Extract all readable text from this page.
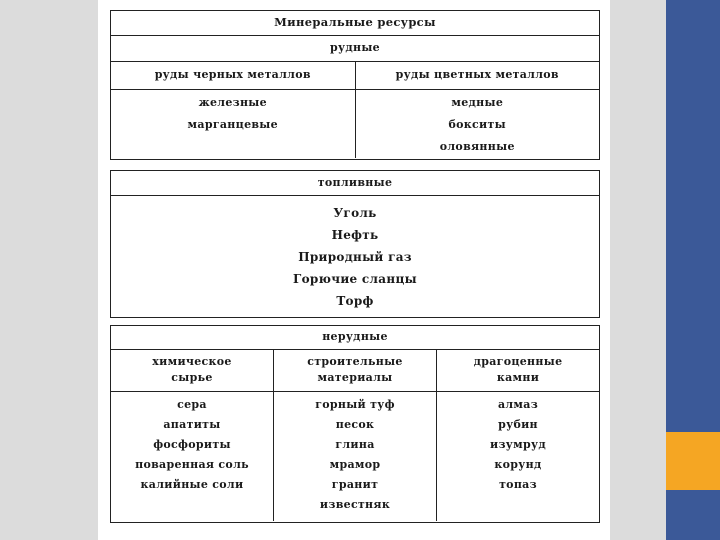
Минеральные ресурсы
рудные
руды черных металлов	руды цветных металлов
железные
марганцевые
медные
бокситы
оловянные
топливные
Уголь
Нефть
Природный газ
Горючие сланцы
Торф
нерудные
химическое
сырье
строительные
материалы
драгоценные
камни
сера
апатиты
фосфориты
поваренная соль
калийные соли
горный туф
песок
глина
мрамор
гранит
известняк
алмаз
рубин
изумруд
корунд
топаз
